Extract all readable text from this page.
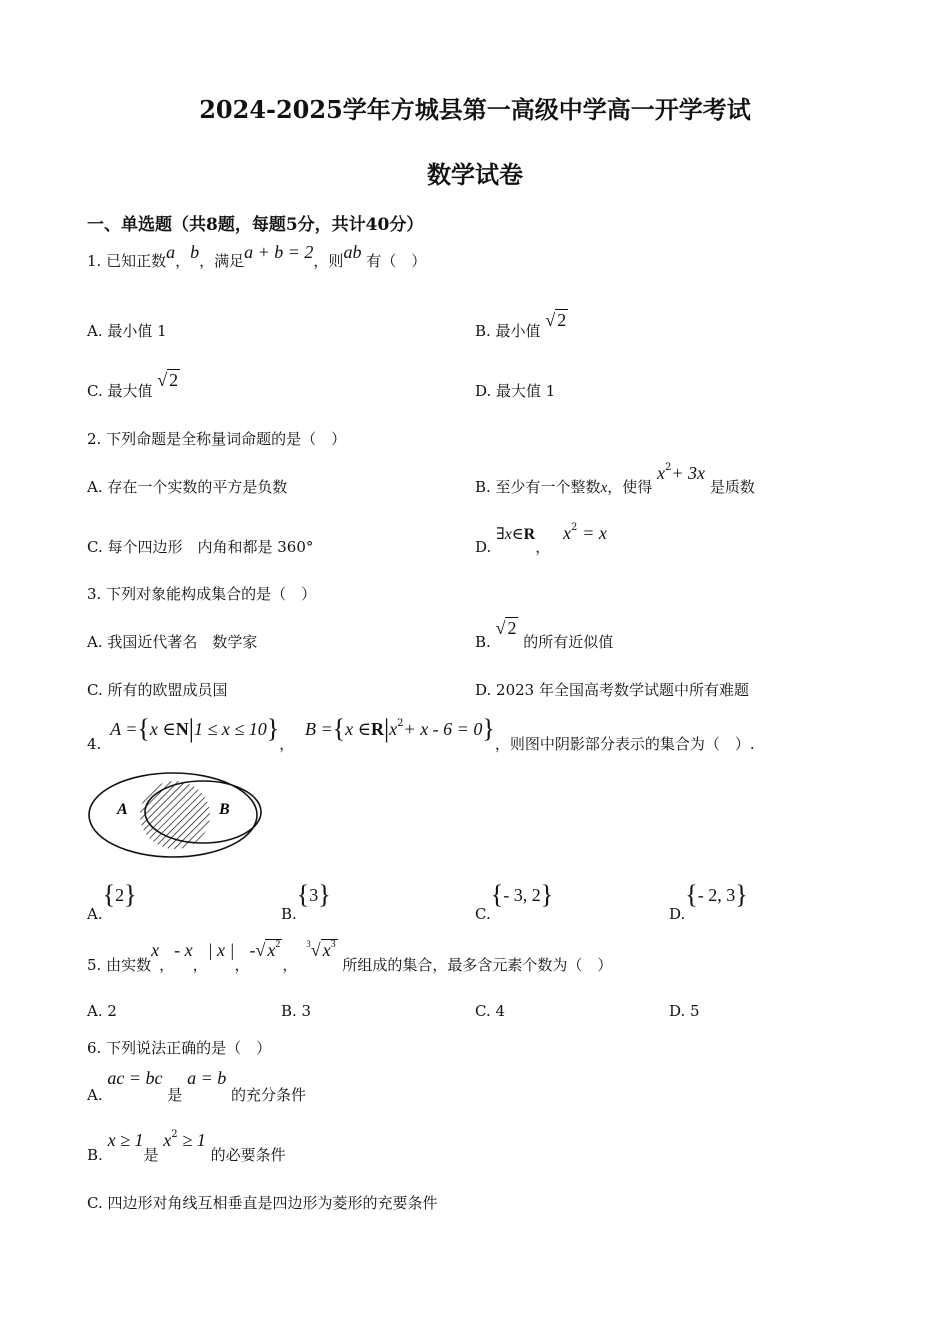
2024-2025学年方城县第一高级中学高一开学考试
数学试卷
一、单选题（共8题，每题5分，共计40分）
1. 已知正数a，b，满足a + b = 2，则ab 有（　）
A. 最小值 1	B. 最小值 √ 2
C. 最大值 √ 2
D. 最大值 1
2. 下列命题是全称量词命题的是（　）
A. 存在一个实数的平方是负数	B. 至少有一个整数x，使得 $x^2+ 3x$ 是质数
C. 每个四边形　内角和都是 360°	D. ∃x∈R， $x^2 = x$
3. 下列对象能构成集合的是（　）
A. 我国近代著名　数学家	B. √ 2 的所有近似值
C. 所有的欧盟成员国	D. 2023 年全国高考数学试题中所有难题
4. A ={x ∈N|1 ≤ x ≤ 10}， B ={x $\in R|x^2+ x - 6 = 0$}，则图中阴影部分表示的集合为（　）.
A	B
A.{2}
B.{3}
C.{- 3, 2}
D.{- 2, 3}
5. 由实数x，- x，| x |，-√ $x^2$， $^3$√ $x^3$ 所组成的集合，最多含元素个数为（　）
A. 2	B. 3	C. 4	D. 5
6. 下列说法正确的是（　）
A. ac = bc 是 a = b 的充分条件
B. x ≥ 1是 $x^2 \ge 1$ 的必要条件
C. 四边形对角线互相垂直是四边形为菱形的充要条件
